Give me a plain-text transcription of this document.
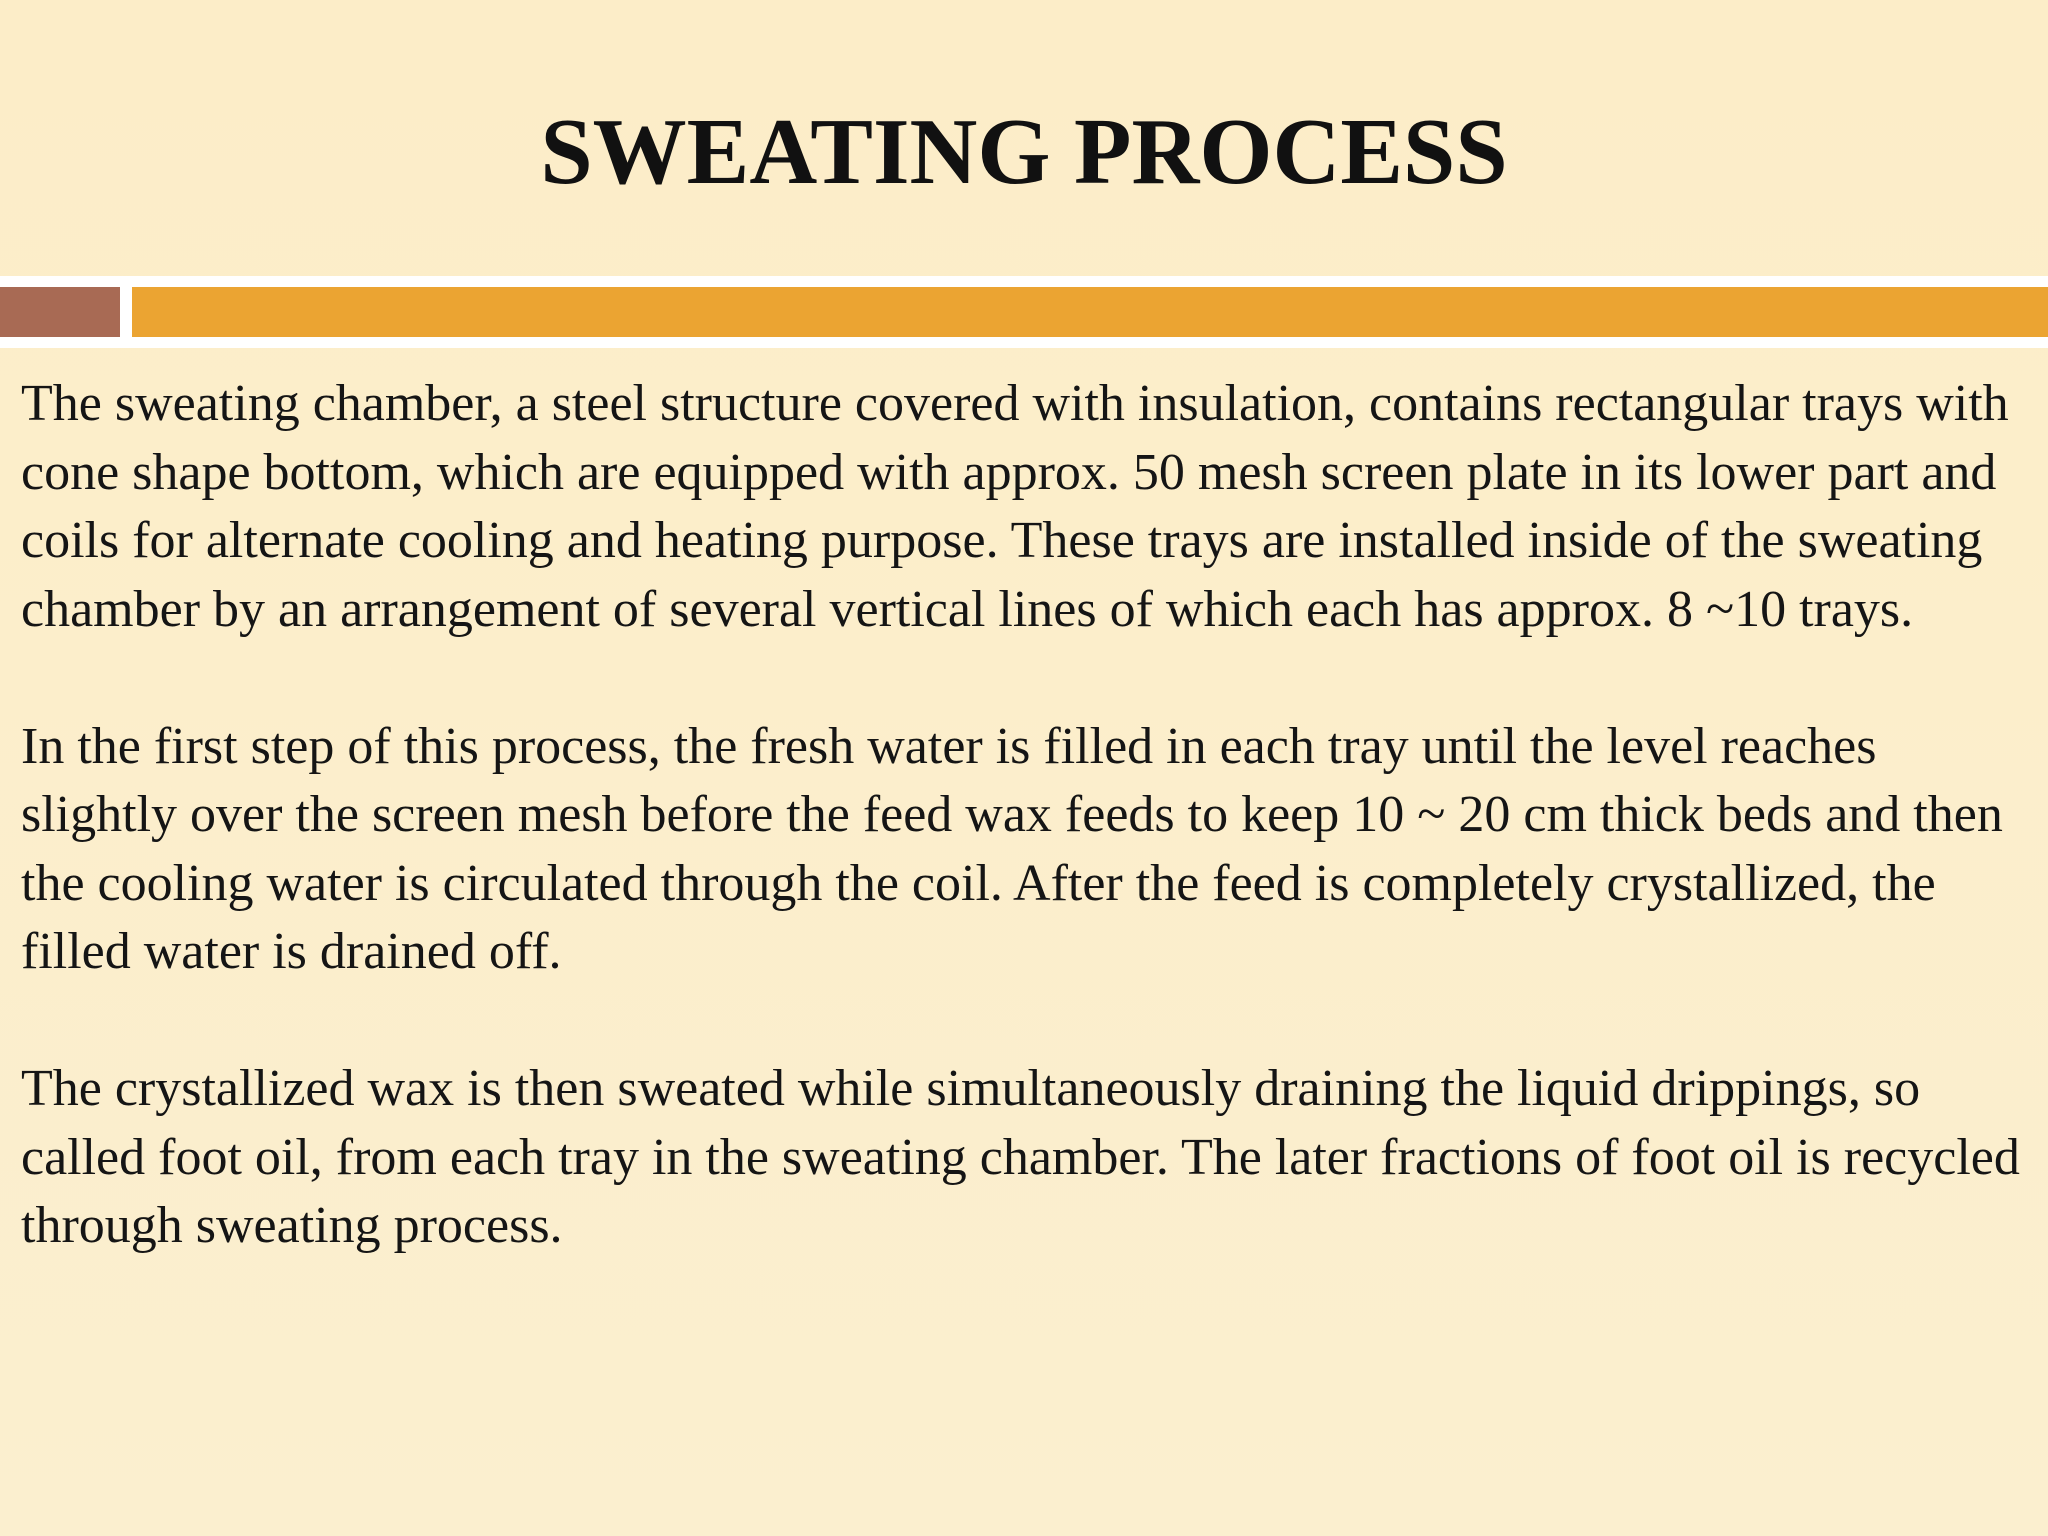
SWEATING PROCESS

The sweating chamber, a steel structure covered with insulation, contains rectangular trays with cone shape bottom, which are equipped with approx. 50 mesh screen plate in its lower part and coils for alternate cooling and heating purpose. These trays are installed inside of the sweating chamber by an arrangement of several vertical lines of which each has approx. 8 ~10 trays.

In the first step of this process, the fresh water is filled in each tray until the level reaches slightly over the screen mesh before the feed wax feeds to keep 10 ~ 20 cm thick beds and then the cooling water is circulated through the coil. After the feed is completely crystallized, the filled water is drained off.

The crystallized wax is then sweated while simultaneously draining the liquid drippings, so called foot oil, from each tray in the sweating chamber. The later fractions of foot oil is recycled through sweating process.
